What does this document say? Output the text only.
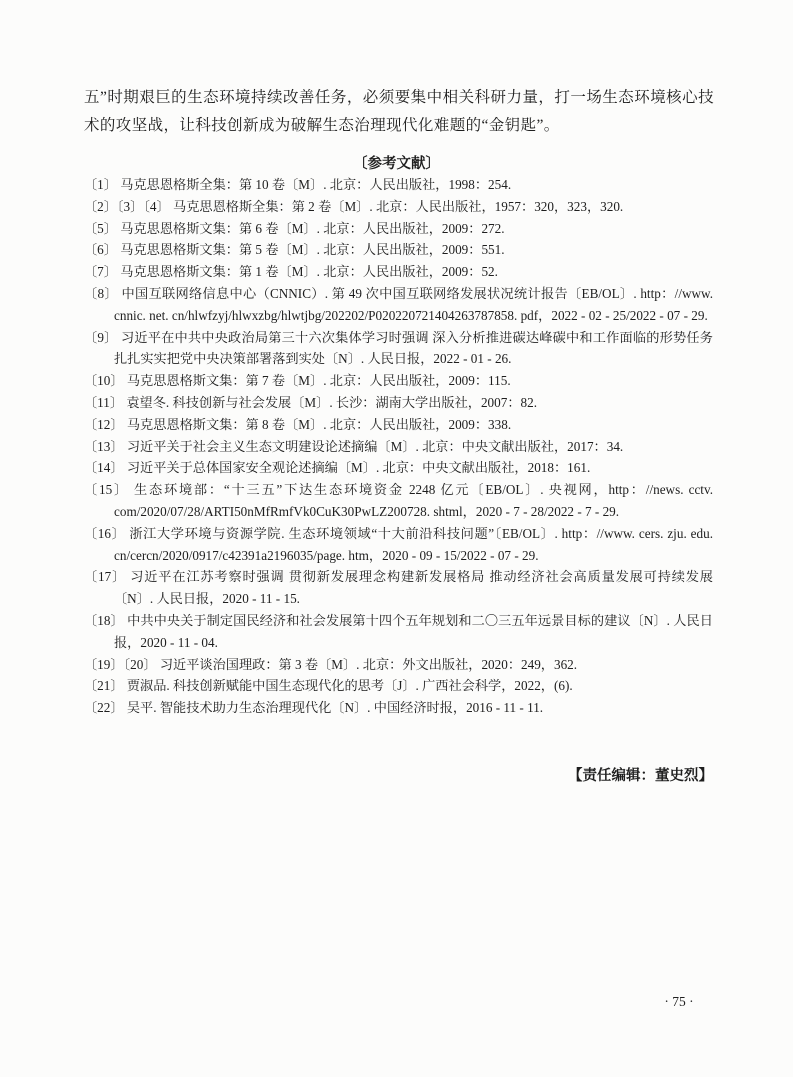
五”时期艰巨的生态环境持续改善任务，必须要集中相关科研力量，打一场生态环境核心技术的攻坚战，让科技创新成为破解生态治理现代化难题的“金钥匙”。

〔参考文献〕

〔1〕 马克思恩格斯全集：第 10 卷〔M〕. 北京：人民出版社，1998：254.

〔2〕〔3〕〔4〕 马克思恩格斯全集：第 2 卷〔M〕. 北京：人民出版社，1957：320，323，320.

〔5〕 马克思恩格斯文集：第 6 卷〔M〕. 北京：人民出版社，2009：272.

〔6〕 马克思恩格斯文集：第 5 卷〔M〕. 北京：人民出版社，2009：551.

〔7〕 马克思恩格斯文集：第 1 卷〔M〕. 北京：人民出版社，2009：52.

〔8〕 中国互联网络信息中心（CNNIC）. 第 49 次中国互联网络发展状况统计报告〔EB/OL〕. http：//www. cnnic. net. cn/hlwfzyj/hlwxzbg/hlwtjbg/202202/P020220721404263787858. pdf，2022 - 02 - 25/2022 - 07 - 29.

〔9〕 习近平在中共中央政治局第三十六次集体学习时强调 深入分析推进碳达峰碳中和工作面临的形势任务 扎扎实实把党中央决策部署落到实处〔N〕. 人民日报，2022 - 01 - 26.

〔10〕 马克思恩格斯文集：第 7 卷〔M〕. 北京：人民出版社，2009：115.

〔11〕 袁望冬. 科技创新与社会发展〔M〕. 长沙：湖南大学出版社，2007：82.

〔12〕 马克思恩格斯文集：第 8 卷〔M〕. 北京：人民出版社，2009：338.

〔13〕 习近平关于社会主义生态文明建设论述摘编〔M〕. 北京：中央文献出版社，2017：34.

〔14〕 习近平关于总体国家安全观论述摘编〔M〕. 北京：中央文献出版社，2018：161.

〔15〕 生态环境部：“十三五”下达生态环境资金 2248 亿元〔EB/OL〕. 央视网，http：//news. cctv. com/2020/07/28/ARTI50nMfRmfVk0CuK30PwLZ200728. shtml，2020 - 7 - 28/2022 - 7 - 29.

〔16〕 浙江大学环境与资源学院. 生态环境领域“十大前沿科技问题”〔EB/OL〕. http：//www. cers. zju. edu. cn/cercn/2020/0917/c42391a2196035/page. htm，2020 - 09 - 15/2022 - 07 - 29.

〔17〕 习近平在江苏考察时强调 贯彻新发展理念构建新发展格局 推动经济社会高质量发展可持续发展〔N〕. 人民日报，2020 - 11 - 15.

〔18〕 中共中央关于制定国民经济和社会发展第十四个五年规划和二〇三五年远景目标的建议〔N〕. 人民日报，2020 - 11 - 04.

〔19〕〔20〕 习近平谈治国理政：第 3 卷〔M〕. 北京：外文出版社，2020：249，362.

〔21〕 贾淑品. 科技创新赋能中国生态现代化的思考〔J〕. 广西社会科学，2022，(6).

〔22〕 吴平. 智能技术助力生态治理现代化〔N〕. 中国经济时报，2016 - 11 - 11.

【责任编辑：董史烈】

· 75 ·
